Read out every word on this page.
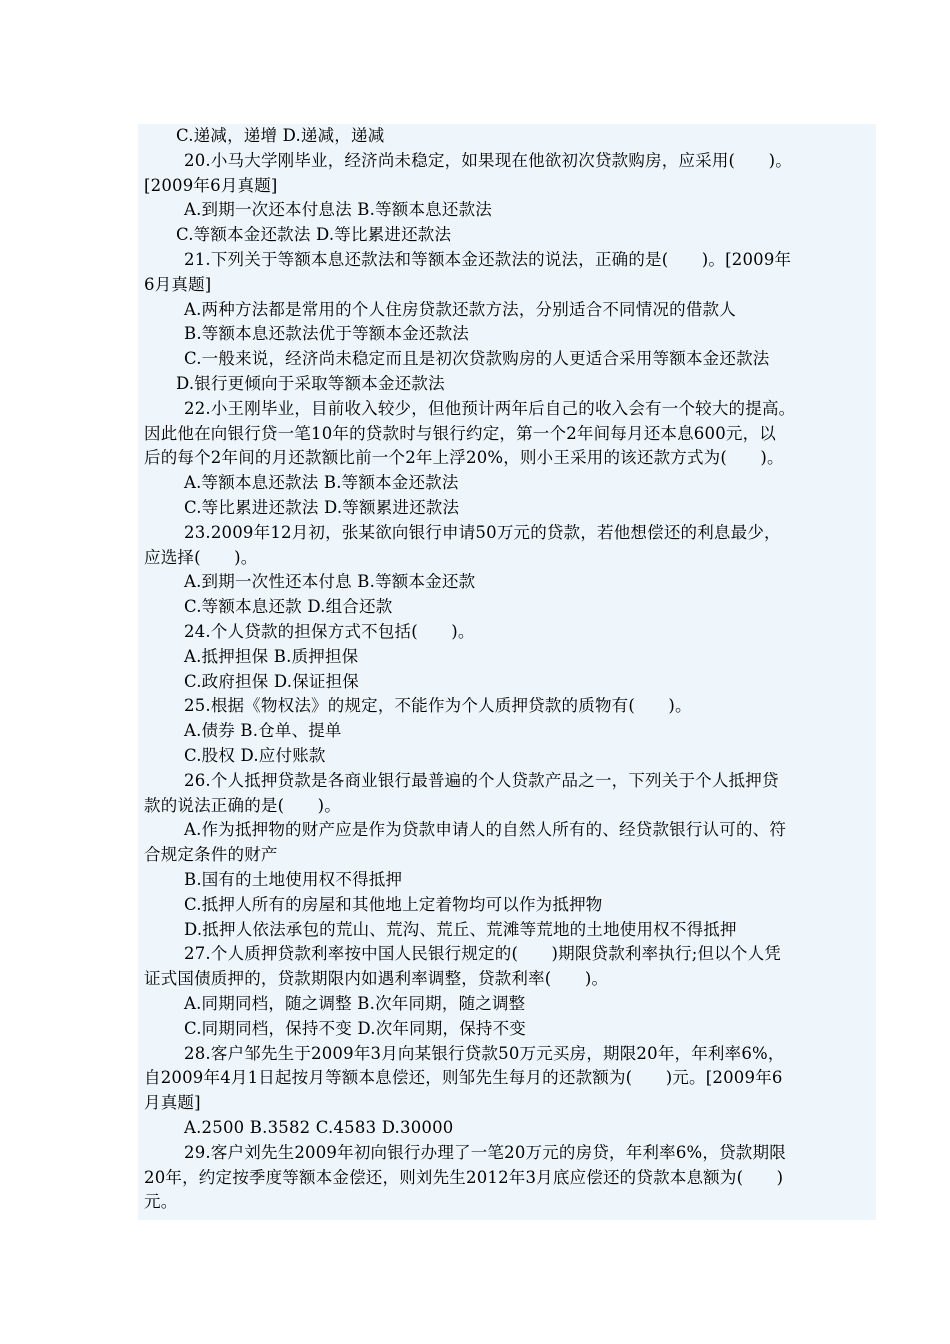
C.递减，递增 D.递减，递减
20.小马大学刚毕业，经济尚未稳定，如果现在他欲初次贷款购房，应采用(　　)。
[2009年6月真题]
A.到期一次还本付息法 B.等额本息还款法
C.等额本金还款法 D.等比累进还款法
21.下列关于等额本息还款法和等额本金还款法的说法，正确的是(　　)。[2009年
6月真题]
A.两种方法都是常用的个人住房贷款还款方法，分别适合不同情况的借款人
B.等额本息还款法优于等额本金还款法
C.一般来说，经济尚未稳定而且是初次贷款购房的人更适合采用等额本金还款法
D.银行更倾向于采取等额本金还款法
22.小王刚毕业，目前收入较少，但他预计两年后自己的收入会有一个较大的提高。
因此他在向银行贷一笔10年的贷款时与银行约定，第一个2年间每月还本息600元，以
后的每个2年间的月还款额比前一个2年上浮20%，则小王采用的该还款方式为(　　)。
A.等额本息还款法 B.等额本金还款法
C.等比累进还款法 D.等额累进还款法
23.2009年12月初，张某欲向银行申请50万元的贷款，若他想偿还的利息最少，
应选择(　　)。
A.到期一次性还本付息 B.等额本金还款
C.等额本息还款 D.组合还款
24.个人贷款的担保方式不包括(　　)。
A.抵押担保 B.质押担保
C.政府担保 D.保证担保
25.根据《物权法》的规定，不能作为个人质押贷款的质物有(　　)。
A.债券 B.仓单、提单
C.股权 D.应付账款
26.个人抵押贷款是各商业银行最普遍的个人贷款产品之一，下列关于个人抵押贷
款的说法正确的是(　　)。
A.作为抵押物的财产应是作为贷款申请人的自然人所有的、经贷款银行认可的、符
合规定条件的财产
B.国有的土地使用权不得抵押
C.抵押人所有的房屋和其他地上定着物均可以作为抵押物
D.抵押人依法承包的荒山、荒沟、荒丘、荒滩等荒地的土地使用权不得抵押
27.个人质押贷款利率按中国人民银行规定的(　　)期限贷款利率执行;但以个人凭
证式国债质押的，贷款期限内如遇利率调整，贷款利率(　　)。
A.同期同档，随之调整 B.次年同期，随之调整
C.同期同档，保持不变 D.次年同期，保持不变
28.客户邹先生于2009年3月向某银行贷款50万元买房，期限20年，年利率6%，
自2009年4月1日起按月等额本息偿还，则邹先生每月的还款额为(　　)元。[2009年6
月真题]
A.2500 B.3582 C.4583 D.30000
29.客户刘先生2009年初向银行办理了一笔20万元的房贷，年利率6%，贷款期限
20年，约定按季度等额本金偿还，则刘先生2012年3月底应偿还的贷款本息额为(　　)
元。
